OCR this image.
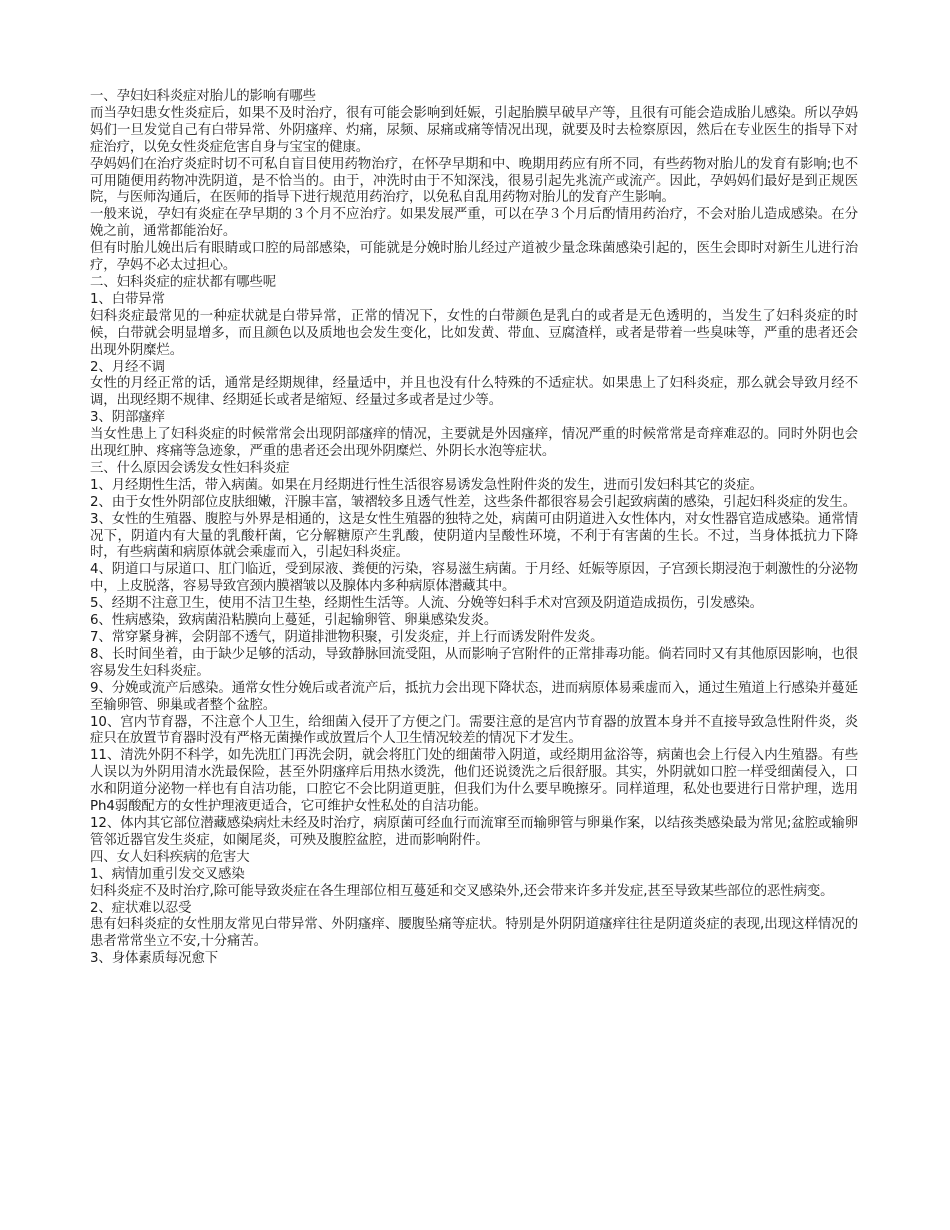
一、孕妇妇科炎症对胎儿的影响有哪些

而当孕妇患女性炎症后，如果不及时治疗，很有可能会影响到妊娠，引起胎膜早破早产等，且很有可能会造成胎儿感染。所以孕妈妈们一旦发觉自己有白带异常、外阴瘙痒、灼痛，尿频、尿痛或痛等情况出现，就要及时去检察原因，然后在专业医生的指导下对症治疗，以免女性炎症危害自身与宝宝的健康。

孕妈妈们在治疗炎症时切不可私自盲目使用药物治疗，在怀孕早期和中、晚期用药应有所不同，有些药物对胎儿的发育有影响;也不可用随便用药物冲洗阴道，是不恰当的。由于，冲洗时由于不知深浅，很易引起先兆流产或流产。因此，孕妈妈们最好是到正规医院，与医师沟通后，在医师的指导下进行规范用药治疗，以免私自乱用药物对胎儿的发育产生影响。

一般来说，孕妇有炎症在孕早期的３个月不应治疗。如果发展严重，可以在孕３个月后酌情用药治疗，不会对胎儿造成感染。在分娩之前，通常都能治好。

但有时胎儿娩出后有眼睛或口腔的局部感染，可能就是分娩时胎儿经过产道被少量念珠菌感染引起的，医生会即时对新生儿进行治疗，孕妈不必太过担心。

二、妇科炎症的症状都有哪些呢

1、白带异常

妇科炎症最常见的一种症状就是白带异常，正常的情况下，女性的白带颜色是乳白的或者是无色透明的，当发生了妇科炎症的时候，白带就会明显增多，而且颜色以及质地也会发生变化，比如发黄、带血、豆腐渣样，或者是带着一些臭味等，严重的患者还会出现外阴糜烂。

2、月经不调

女性的月经正常的话，通常是经期规律，经量适中，并且也没有什么特殊的不适症状。如果患上了妇科炎症，那么就会导致月经不调，出现经期不规律、经期延长或者是缩短、经量过多或者是过少等。

3、阴部瘙痒

当女性患上了妇科炎症的时候常常会出现阴部瘙痒的情况，主要就是外因瘙痒，情况严重的时候常常是奇痒难忍的。同时外阴也会出现红肿、疼痛等急迹象，严重的患者还会出现外阴糜烂、外阴长水泡等症状。

三、什么原因会诱发女性妇科炎症

1、月经期性生活，带入病菌。如果在月经期进行性生活很容易诱发急性附件炎的发生，进而引发妇科其它的炎症。

2、由于女性外阴部位皮肤细嫩，汗腺丰富，皱褶较多且透气性差，这些条件都很容易会引起致病菌的感染，引起妇科炎症的发生。

3、女性的生殖器、腹腔与外界是相通的，这是女性生殖器的独特之处，病菌可由阴道进入女性体内，对女性器官造成感染。通常情况下，阴道内有大量的乳酸杆菌，它分解糖原产生乳酸，使阴道内呈酸性环境，不利于有害菌的生长。不过，当身体抵抗力下降时，有些病菌和病原体就会乘虚而入，引起妇科炎症。

4、阴道口与尿道口、肛门临近，受到尿液、粪便的污染，容易滋生病菌。于月经、妊娠等原因，子宫颈长期浸泡于刺激性的分泌物中，上皮脱落，容易导致宫颈内膜褶皱以及腺体内多种病原体潜藏其中。

5、经期不注意卫生，使用不洁卫生垫，经期性生活等。人流、分娩等妇科手术对宫颈及阴道造成损伤，引发感染。

6、性病感染，致病菌沿粘膜向上蔓延，引起输卵管、卵巢感染发炎。

7、常穿紧身裤，会阴部不透气，阴道排泄物积聚，引发炎症，并上行而诱发附件发炎。

8、长时间坐着，由于缺少足够的活动，导致静脉回流受阻，从而影响子宫附件的正常排毒功能。倘若同时又有其他原因影响，也很容易发生妇科炎症。

9、分娩或流产后感染。通常女性分娩后或者流产后，抵抗力会出现下降状态，进而病原体易乘虚而入，通过生殖道上行感染并蔓延至输卵管、卵巢或者整个盆腔。

10、宫内节育器，不注意个人卫生，给细菌入侵开了方便之门。需要注意的是宫内节育器的放置本身并不直接导致急性附件炎，炎症只在放置节育器时没有严格无菌操作或放置后个人卫生情况较差的情况下才发生。

11、清洗外阴不科学，如先洗肛门再洗会阴，就会将肛门处的细菌带入阴道，或经期用盆浴等，病菌也会上行侵入内生殖器。有些人误以为外阴用清水洗最保险，甚至外阴瘙痒后用热水烫洗，他们还说烫洗之后很舒服。其实，外阴就如口腔一样受细菌侵入，口水和阴道分泌物一样也有自洁功能，口腔它不会比阴道更脏，但我们为什么要早晚擦牙。同样道理，私处也要进行日常护理，选用Ph4弱酸配方的女性护理液更适合，它可维护女性私处的自洁功能。

12、体内其它部位潜藏感染病灶未经及时治疗，病原菌可经血行而流窜至而输卵管与卵巢作案，以结孩类感染最为常见;盆腔或输卵管邻近器官发生炎症，如阑尾炎，可殃及腹腔盆腔，进而影响附件。

四、女人妇科疾病的危害大

1、病情加重引发交叉感染

妇科炎症不及时治疗,除可能导致炎症在各生理部位相互蔓延和交叉感染外,还会带来许多并发症,甚至导致某些部位的恶性病变。

2、症状难以忍受

患有妇科炎症的女性朋友常见白带异常、外阴瘙痒、腰腹坠痛等症状。特别是外阴阴道瘙痒往往是阴道炎症的表现,出现这样情况的患者常常坐立不安,十分痛苦。

3、身体素质每况愈下
